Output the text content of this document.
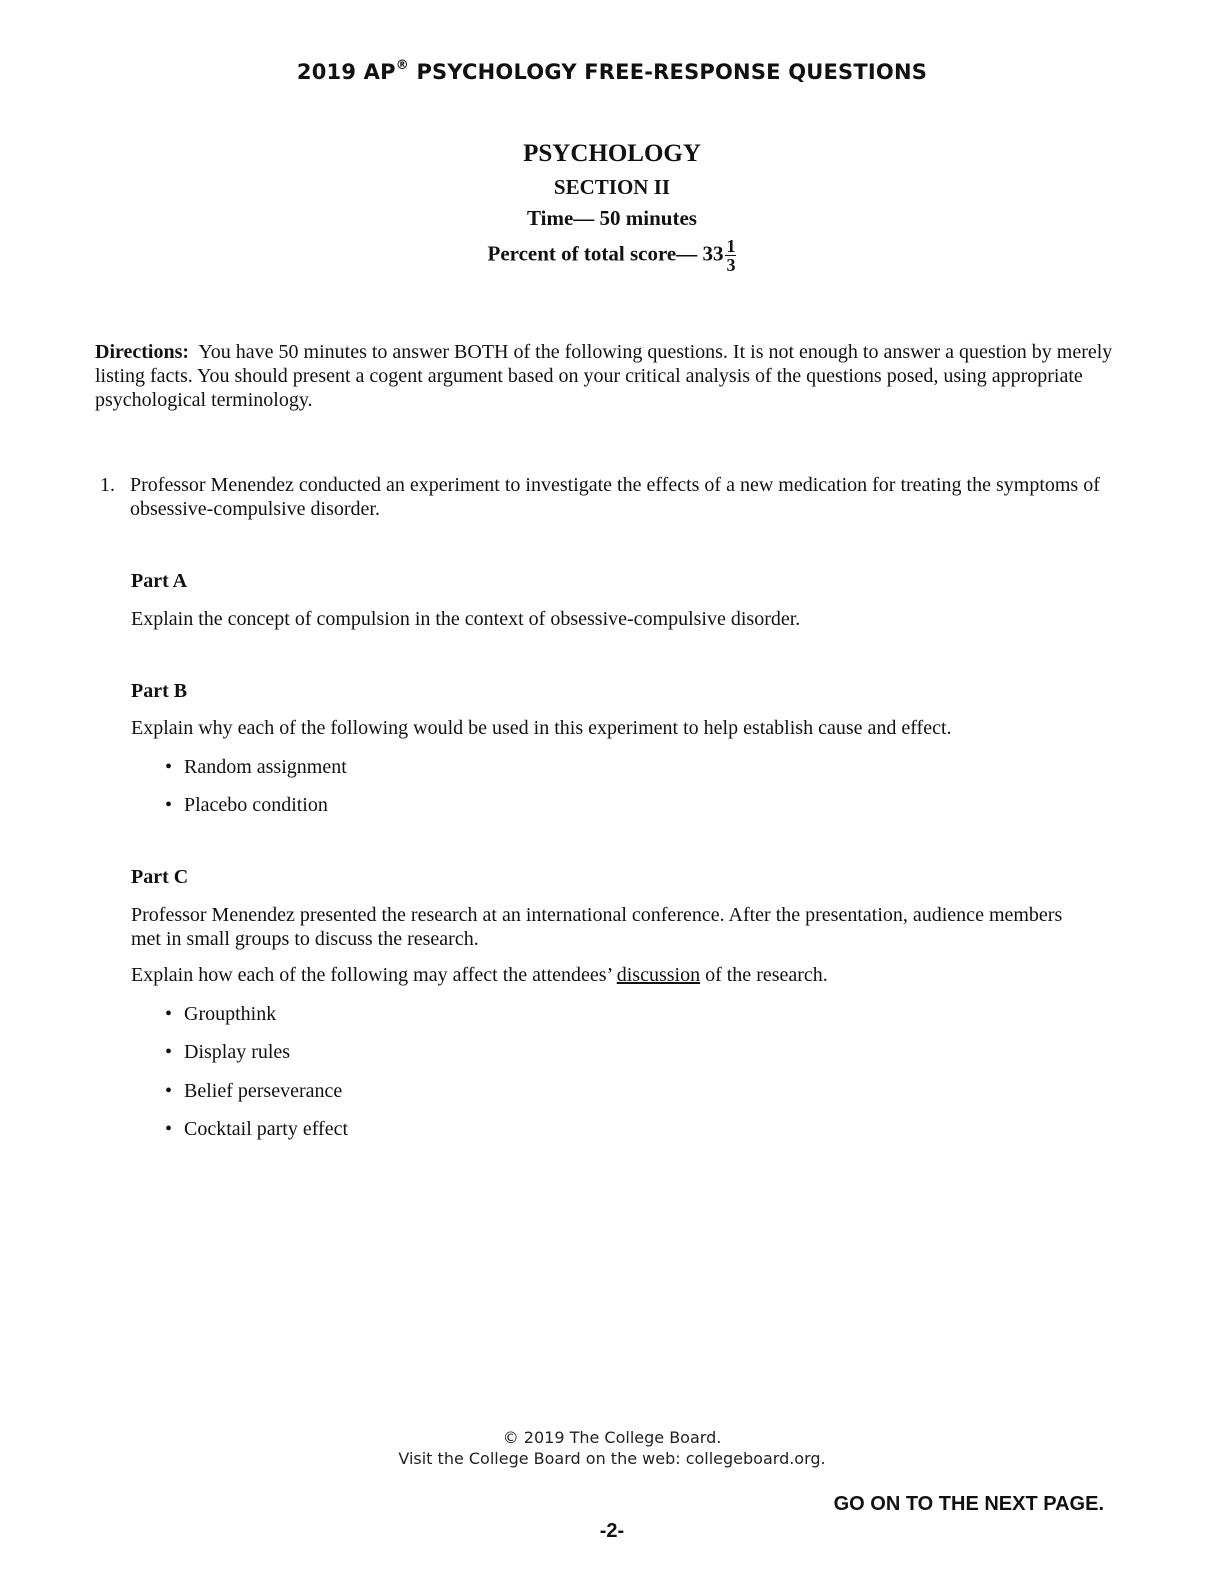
2019 AP® PSYCHOLOGY FREE-RESPONSE QUESTIONS
PSYCHOLOGY
SECTION II
Time— 50 minutes
Percent of total score— $33 \frac{1}{3}$
Directions: You have 50 minutes to answer BOTH of the following questions. It is not enough to answer a question by merely listing facts. You should present a cogent argument based on your critical analysis of the questions posed, using appropriate psychological terminology.
1. Professor Menendez conducted an experiment to investigate the effects of a new medication for treating the symptoms of obsessive-compulsive disorder.
Part A
Explain the concept of compulsion in the context of obsessive-compulsive disorder.
Part B
Explain why each of the following would be used in this experiment to help establish cause and effect.
• Random assignment
• Placebo condition
Part C
Professor Menendez presented the research at an international conference. After the presentation, audience members met in small groups to discuss the research.
Explain how each of the following may affect the attendees’ discussion of the research.
• Groupthink
• Display rules
• Belief perseverance
• Cocktail party effect
© 2019 The College Board.
Visit the College Board on the web: collegeboard.org.
GO ON TO THE NEXT PAGE.
-2-
